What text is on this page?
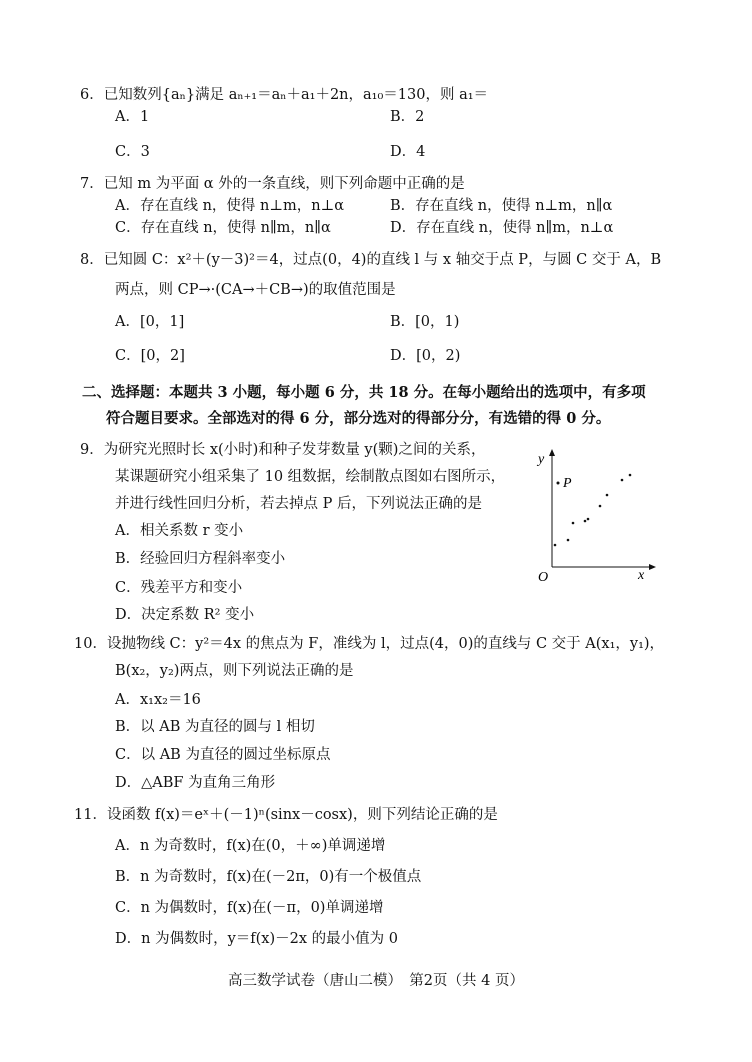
6．已知数列{aₙ}满足 aₙ₊₁＝aₙ＋a₁＋2n，a₁₀＝130，则 a₁＝
A．1	B．2
C．3	D．4
7．已知 m 为平面 α 外的一条直线，则下列命题中正确的是
A．存在直线 n，使得 n⊥m，n⊥α	B．存在直线 n，使得 n⊥m，n∥α
C．存在直线 n，使得 n∥m，n∥α	D．存在直线 n，使得 n∥m，n⊥α
8．已知圆 C：x²＋(y－3)²＝4，过点(0，4)的直线 l 与 x 轴交于点 P，与圆 C 交于 A，B
两点，则 CP→·(CA→＋CB→)的取值范围是
A．[0，1]	B．[0，1)
C．[0，2]	D．[0，2)
二、选择题：本题共 3 小题，每小题 6 分，共 18 分。在每小题给出的选项中，有多项
符合题目要求。全部选对的得 6 分，部分选对的得部分分，有选错的得 0 分。
9．为研究光照时长 x(小时)和种子发芽数量 y(颗)之间的关系，
某课题研究小组采集了 10 组数据，绘制散点图如右图所示，
并进行线性回归分析，若去掉点 P 后，下列说法正确的是
A．相关系数 r 变小
B．经验回归方程斜率变小
C．残差平方和变小
D．决定系数 R² 变小
y
x
O
P
10．设抛物线 C：y²＝4x 的焦点为 F，准线为 l，过点(4，0)的直线与 C 交于 A(x₁，y₁)，
B(x₂，y₂)两点，则下列说法正确的是
A．x₁x₂＝16
B．以 AB 为直径的圆与 l 相切
C．以 AB 为直径的圆过坐标原点
D．△ABF 为直角三角形
11．设函数 f(x)＝eˣ＋(－1)ⁿ(sinx－cosx)，则下列结论正确的是
A．n 为奇数时，f(x)在(0，＋∞)单调递增
B．n 为奇数时，f(x)在(－2π，0)有一个极值点
C．n 为偶数时，f(x)在(－π，0)单调递增
D．n 为偶数时，y＝f(x)－2x 的最小值为 0
高三数学试卷（唐山二模）　第2页（共 4 页）
